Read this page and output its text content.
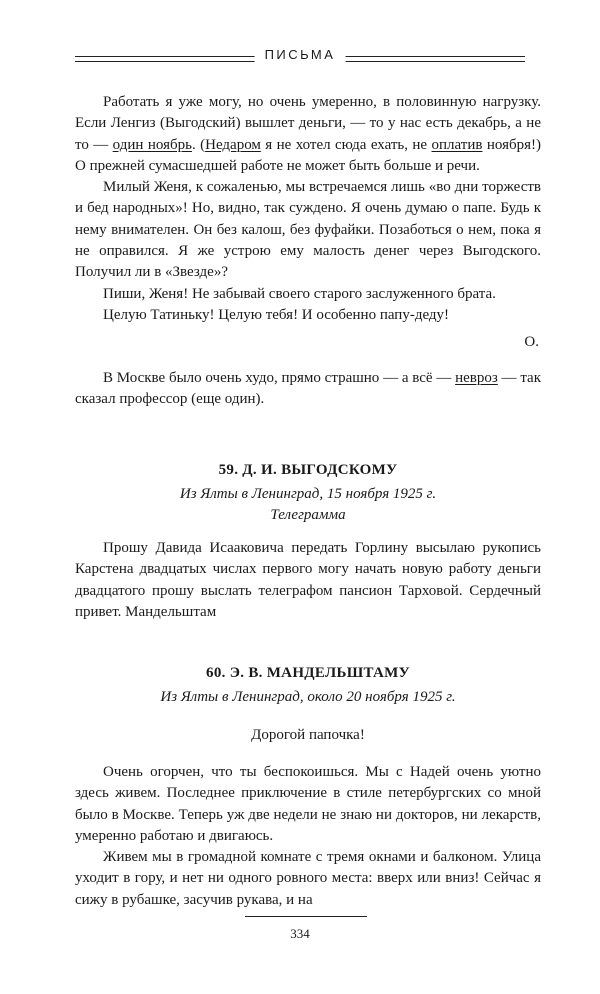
ПИСЬМА
Работать я уже могу, но очень умеренно, в половинную нагрузку. Если Ленгиз (Выгодский) вышлет деньги, — то у нас есть декабрь, а не то — один ноябрь. (Недаром я не хотел сюда ехать, не оплатив ноября!) О прежней сумасшедшей работе не может быть больше и речи.
Милый Женя, к сожаленью, мы встречаемся лишь «во дни торжеств и бед народных»! Но, видно, так суждено. Я очень думаю о папе. Будь к нему внимателен. Он без калош, без фуфайки. Позаботься о нем, пока я не оправился. Я же устрою ему малость денег через Выгодского. Получил ли в «Звезде»?
Пиши, Женя! Не забывай своего старого заслуженного брата.
Целую Татиньку! Целую тебя! И особенно папу-деду!
О.
В Москве было очень худо, прямо страшно — а всё — невроз — так сказал профессор (еще один).
59. Д. И. ВЫГОДСКОМУ
Из Ялты в Ленинград, 15 ноября 1925 г.
Телеграмма
Прошу Давида Исааковича передать Горлину высылаю рукопись Карстена двадцатых числах первого могу начать новую работу деньги двадцатого прошу выслать телеграфом пансион Тарховой. Сердечный привет. Мандельштам
60. Э. В. МАНДЕЛЬШТАМУ
Из Ялты в Ленинград, около 20 ноября 1925 г.
Дорогой папочка!
Очень огорчен, что ты беспокоишься. Мы с Надей очень уютно здесь живем. Последнее приключение в стиле петербургских со мной было в Москве. Теперь уж две недели не знаю ни докторов, ни лекарств, умеренно работаю и двигаюсь.
Живем мы в громадной комнате с тремя окнами и балконом. Улица уходит в гору, и нет ни одного ровного места: вверх или вниз! Сейчас я сижу в рубашке, засучив рукава, и на
334
